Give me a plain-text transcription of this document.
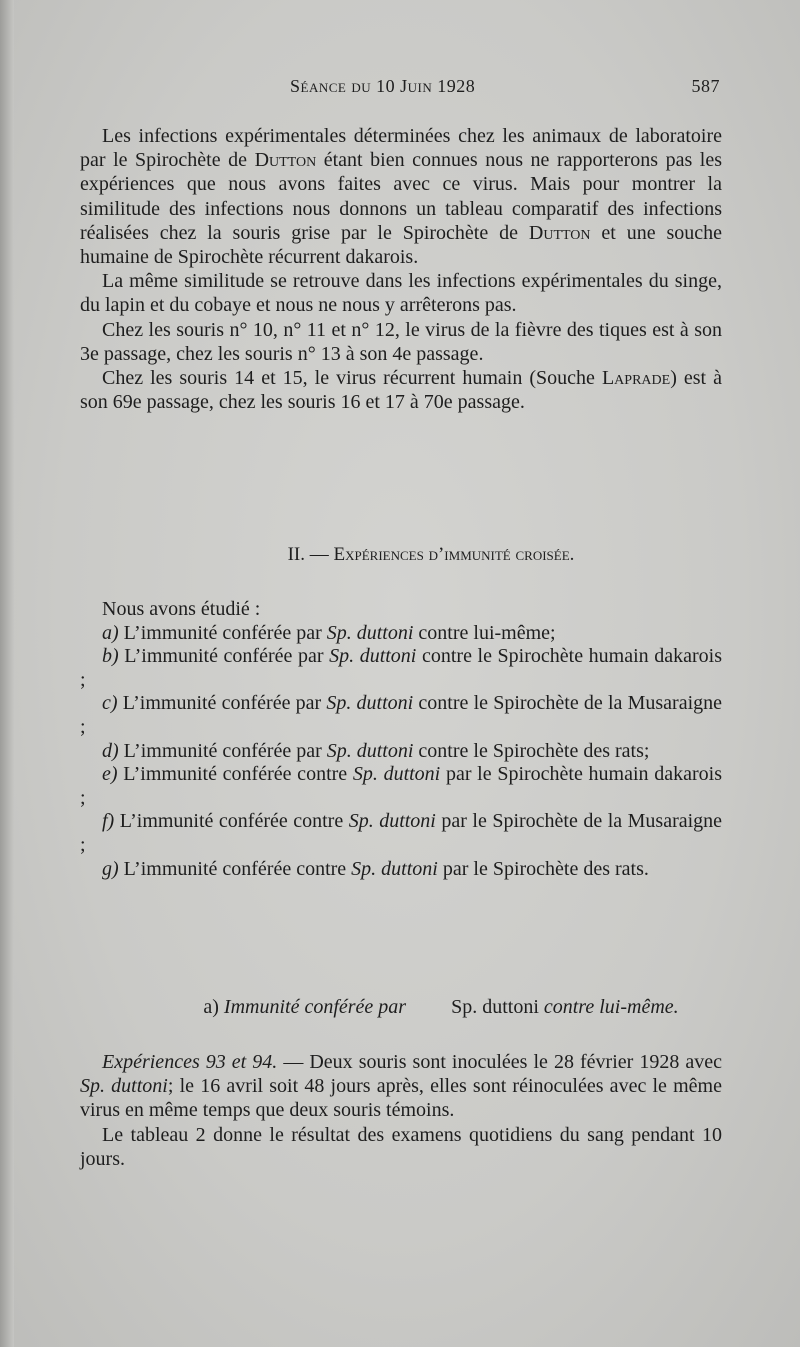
Séance du 10 Juin 1928	587

Les infections expérimentales déterminées chez les animaux de laboratoire par le Spirochète de Dutton étant bien connues nous ne rapporterons pas les expériences que nous avons faites avec ce virus. Mais pour montrer la similitude des infections nous donnons un tableau comparatif des infections réalisées chez la souris grise par le Spirochète de Dutton et une souche humaine de Spirochète récurrent dakarois.

La même similitude se retrouve dans les infections expérimentales du singe, du lapin et du cobaye et nous ne nous y arrêterons pas.

Chez les souris n° 10, n° 11 et n° 12, le virus de la fièvre des tiques est à son 3e passage, chez les souris n° 13 à son 4e passage.

Chez les souris 14 et 15, le virus récurrent humain (Souche Laprade) est à son 69e passage, chez les souris 16 et 17 à 70e passage.

II. — Expériences d’immunité croisée.

Nous avons étudié :

a) L’immunité conférée par Sp. duttoni contre lui-même;

b) L’immunité conférée par Sp. duttoni contre le Spirochète humain dakarois ;

c) L’immunité conférée par Sp. duttoni contre le Spirochète de la Musaraigne ;

d) L’immunité conférée par Sp. duttoni contre le Spirochète des rats;

e) L’immunité conférée contre Sp. duttoni par le Spirochète humain dakarois ;

f) L’immunité conférée contre Sp. duttoni par le Spirochète de la Musaraigne ;

g) L’immunité conférée contre Sp. duttoni par le Spirochète des rats.

a) Immunité conférée par Sp. duttoni contre lui-même.

Expériences 93 et 94. — Deux souris sont inoculées le 28 février 1928 avec Sp. duttoni; le 16 avril soit 48 jours après, elles sont réinoculées avec le même virus en même temps que deux souris témoins.

Le tableau 2 donne le résultat des examens quotidiens du sang pendant 10 jours.
